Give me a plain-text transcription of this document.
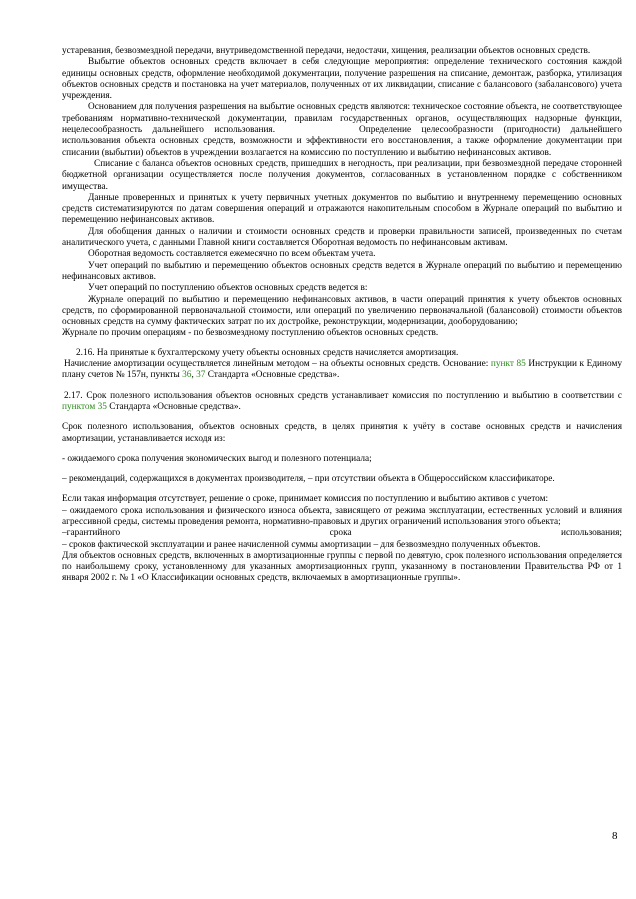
устаревания, безвозмездной передачи, внутриведомственной передачи, недостачи, хищения, реализации объектов основных средств.

Выбытие объектов основных средств включает в себя следующие мероприятия: определение технического состояния каждой единицы основных средств, оформление необходимой документации, получение разрешения на списание, демонтаж, разборка, утилизация объектов основных средств и постановка на учет материалов, полученных от их ликвидации, списание с балансового (забалансового) учета учреждения.

Основанием для получения разрешения на выбытие основных средств являются: техническое состояние объекта, не соответствующее требованиям нормативно-технической документации, правилам государственных органов, осуществляющих надзорные функции, нецелесообразность дальнейшего использования.	Определение целесообразности (пригодности) дальнейшего использования объекта основных средств, возможности и эффективности его восстановления, а также оформление документации при списании (выбытии) объектов в учреждении возлагается на комиссию по поступлению и выбытию нефинансовых активов.

Списание с баланса объектов основных средств, пришедших в негодность, при реализации, при безвозмездной передаче сторонней бюджетной организации осуществляется после получения документов, согласованных в установленном порядке с собственником имущества.

Данные проверенных и принятых к учету первичных учетных документов по выбытию и внутреннему перемещению основных средств систематизируются по датам совершения операций и отражаются накопительным способом в Журнале операций по выбытию и перемещению нефинансовых активов.

Для обобщения данных о наличии и стоимости основных средств и проверки правильности записей, произведенных по счетам аналитического учета, с данными Главной книги составляется Оборотная ведомость по нефинансовым активам.

Оборотная ведомость составляется ежемесячно по всем объектам учета.

Учет операций по выбытию и перемещению объектов основных средств ведется в Журнале операций по выбытию и перемещению нефинансовых активов.

Учет операций по поступлению объектов основных средств ведется в:

Журнале операций по выбытию и перемещению нефинансовых активов, в части операций принятия к учету объектов основных средств, по сформированной первоначальной стоимости, или операций по увеличению первоначальной (балансовой) стоимости объектов основных средств на сумму фактических затрат по их достройке, реконструкции, модернизации, дооборудованию;

Журнале по прочим операциям - по безвозмездному поступлению объектов основных средств.

2.16. На принятые к бухгалтерскому учету объекты основных средств начисляется амортизация.

Начисление амортизации осуществляется линейным методом – на объекты основных средств. Основание: пункт 85 Инструкции к Единому плану счетов № 157н, пункты 36, 37 Стандарта «Основные средства».

2.17. Срок полезного использования объектов основных средств устанавливает комиссия по поступлению и выбытию в соответствии с пунктом 35 Стандарта «Основные средства».

Срок полезного использования, объектов основных средств, в целях принятия к учёту в составе основных средств и начисления амортизации, устанавливается исходя из:

- ожидаемого срока получения экономических выгод и полезного потенциала;

– рекомендаций, содержащихся в документах производителя, – при отсутствии объекта в Общероссийском классификаторе.

Если такая информация отсутствует, решение о сроке, принимает комиссия по поступлению и выбытию активов с учетом:

– ожидаемого срока использования и физического износа объекта, зависящего от режима эксплуатации, естественных условий и влияния агрессивной среды, системы проведения ремонта, нормативно-правовых и других ограничений использования этого объекта;

–гарантийного срока использования;

– сроков фактической эксплуатации и ранее начисленной суммы амортизации – для безвозмездно полученных объектов.

Для объектов основных средств, включенных в амортизационные группы с первой по девятую, срок полезного использования определяется по наибольшему сроку, установленному для указанных амортизационных групп, указанному в постановлении Правительства РФ от 1 января 2002 г. № 1 «О Классификации основных средств, включаемых в амортизационные группы».

8
